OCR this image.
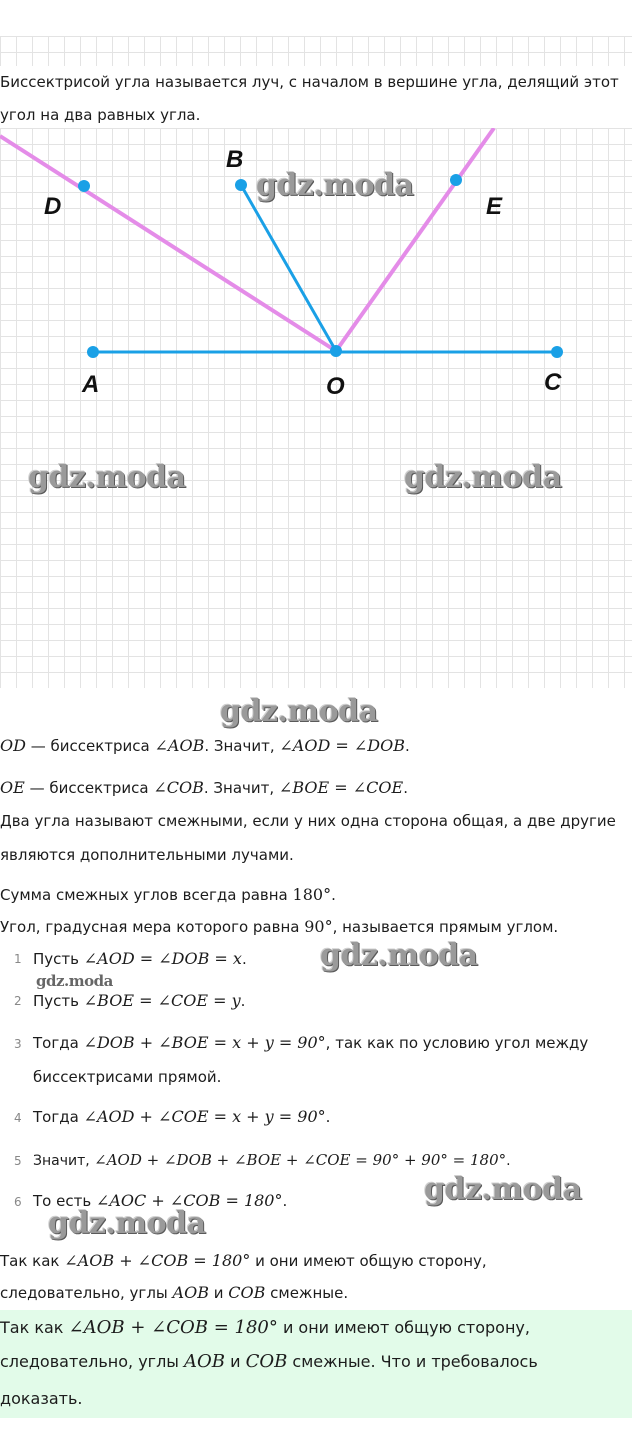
Биссектрисой угла называется луч, с началом в вершине угла, делящий этот
угол на два равных угла.
A	O	C
B
D	E
gdz.moda
gdz.moda	gdz.moda
gdz.moda
gdz.moda
gdz.moda
gdz.moda
gdz.moda
OD — биссектриса ∠AOB. Значит, ∠AOD = ∠DOB.
OE — биссектриса ∠COB. Значит, ∠BOE = ∠COE.
Два угла называют смежными, если у них одна сторона общая, а две другие
являются дополнительными лучами.
Сумма смежных углов всегда равна 180°.
Угол, градусная мера которого равна 90°, называется прямым углом.
1 Пусть ∠AOD = ∠DOB = x.
2 Пусть ∠BOE = ∠COE = y.
3 Тогда ∠DOB + ∠BOE = x + y = 90°, так как по условию угол между
биссектрисами прямой.
4 Тогда ∠AOD + ∠COE = x + y = 90°.
5 Значит, ∠AOD + ∠DOB + ∠BOE + ∠COE = 90° + 90° = 180°.
6 То есть ∠AOC + ∠COB = 180°.
Так как ∠AOB + ∠COB = 180° и они имеют общую сторону,
следовательно, углы AOB и COB смежные.
Так как ∠AOB + ∠COB = 180° и они имеют общую сторону,
следовательно, углы AOB и COB смежные. Что и требовалось
доказать.
